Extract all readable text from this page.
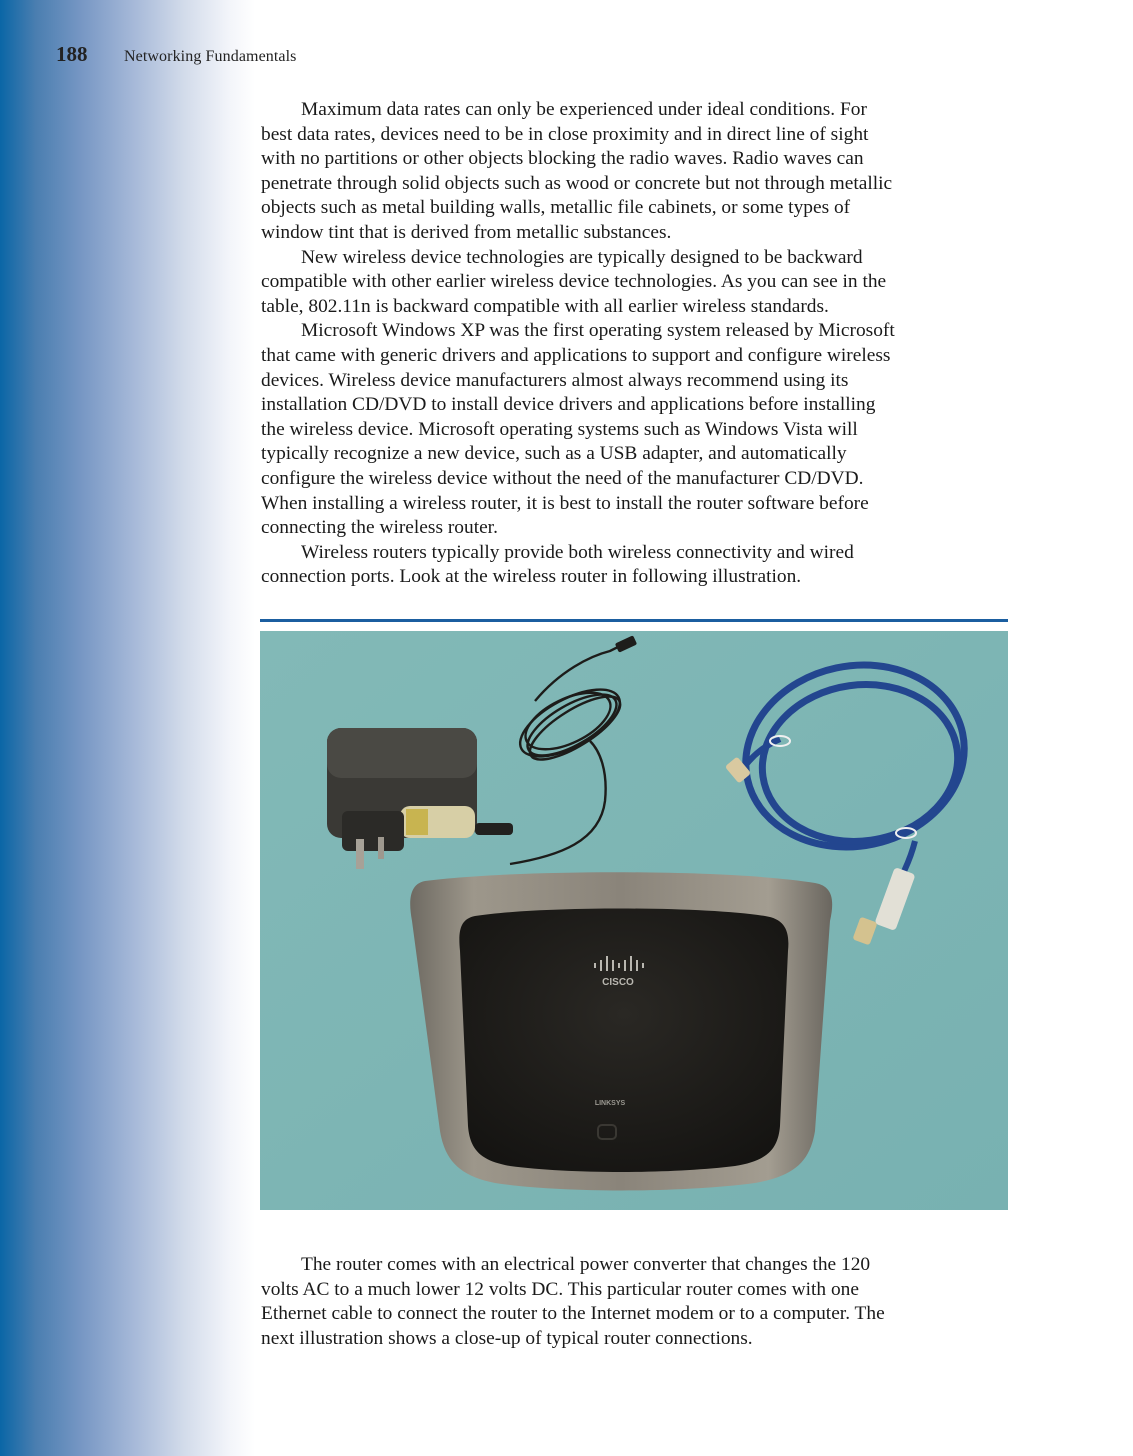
188	Networking Fundamentals
Maximum data rates can only be experienced under ideal conditions. For
best data rates, devices need to be in close proximity and in direct line of sight
with no partitions or other objects blocking the radio waves. Radio waves can
penetrate through solid objects such as wood or concrete but not through metallic
objects such as metal building walls, metallic file cabinets, or some types of
window tint that is derived from metallic substances.
New wireless device technologies are typically designed to be backward
compatible with other earlier wireless device technologies. As you can see in the
table, 802.11n is backward compatible with all earlier wireless standards.
Microsoft Windows XP was the first operating system released by Microsoft
that came with generic drivers and applications to support and configure wireless
devices. Wireless device manufacturers almost always recommend using its
installation CD/DVD to install device drivers and applications before installing
the wireless device. Microsoft operating systems such as Windows Vista will
typically recognize a new device, such as a USB adapter, and automatically
configure the wireless device without the need of the manufacturer CD/DVD.
When installing a wireless router, it is best to install the router software before
connecting the wireless router.
Wireless routers typically provide both wireless connectivity and wired
connection ports. Look at the wireless router in following illustration.
CISCO
LINKSYS
The router comes with an electrical power converter that changes the 120
volts AC to a much lower 12 volts DC. This particular router comes with one
Ethernet cable to connect the router to the Internet modem or to a computer. The
next illustration shows a close-up of typical router connections.
